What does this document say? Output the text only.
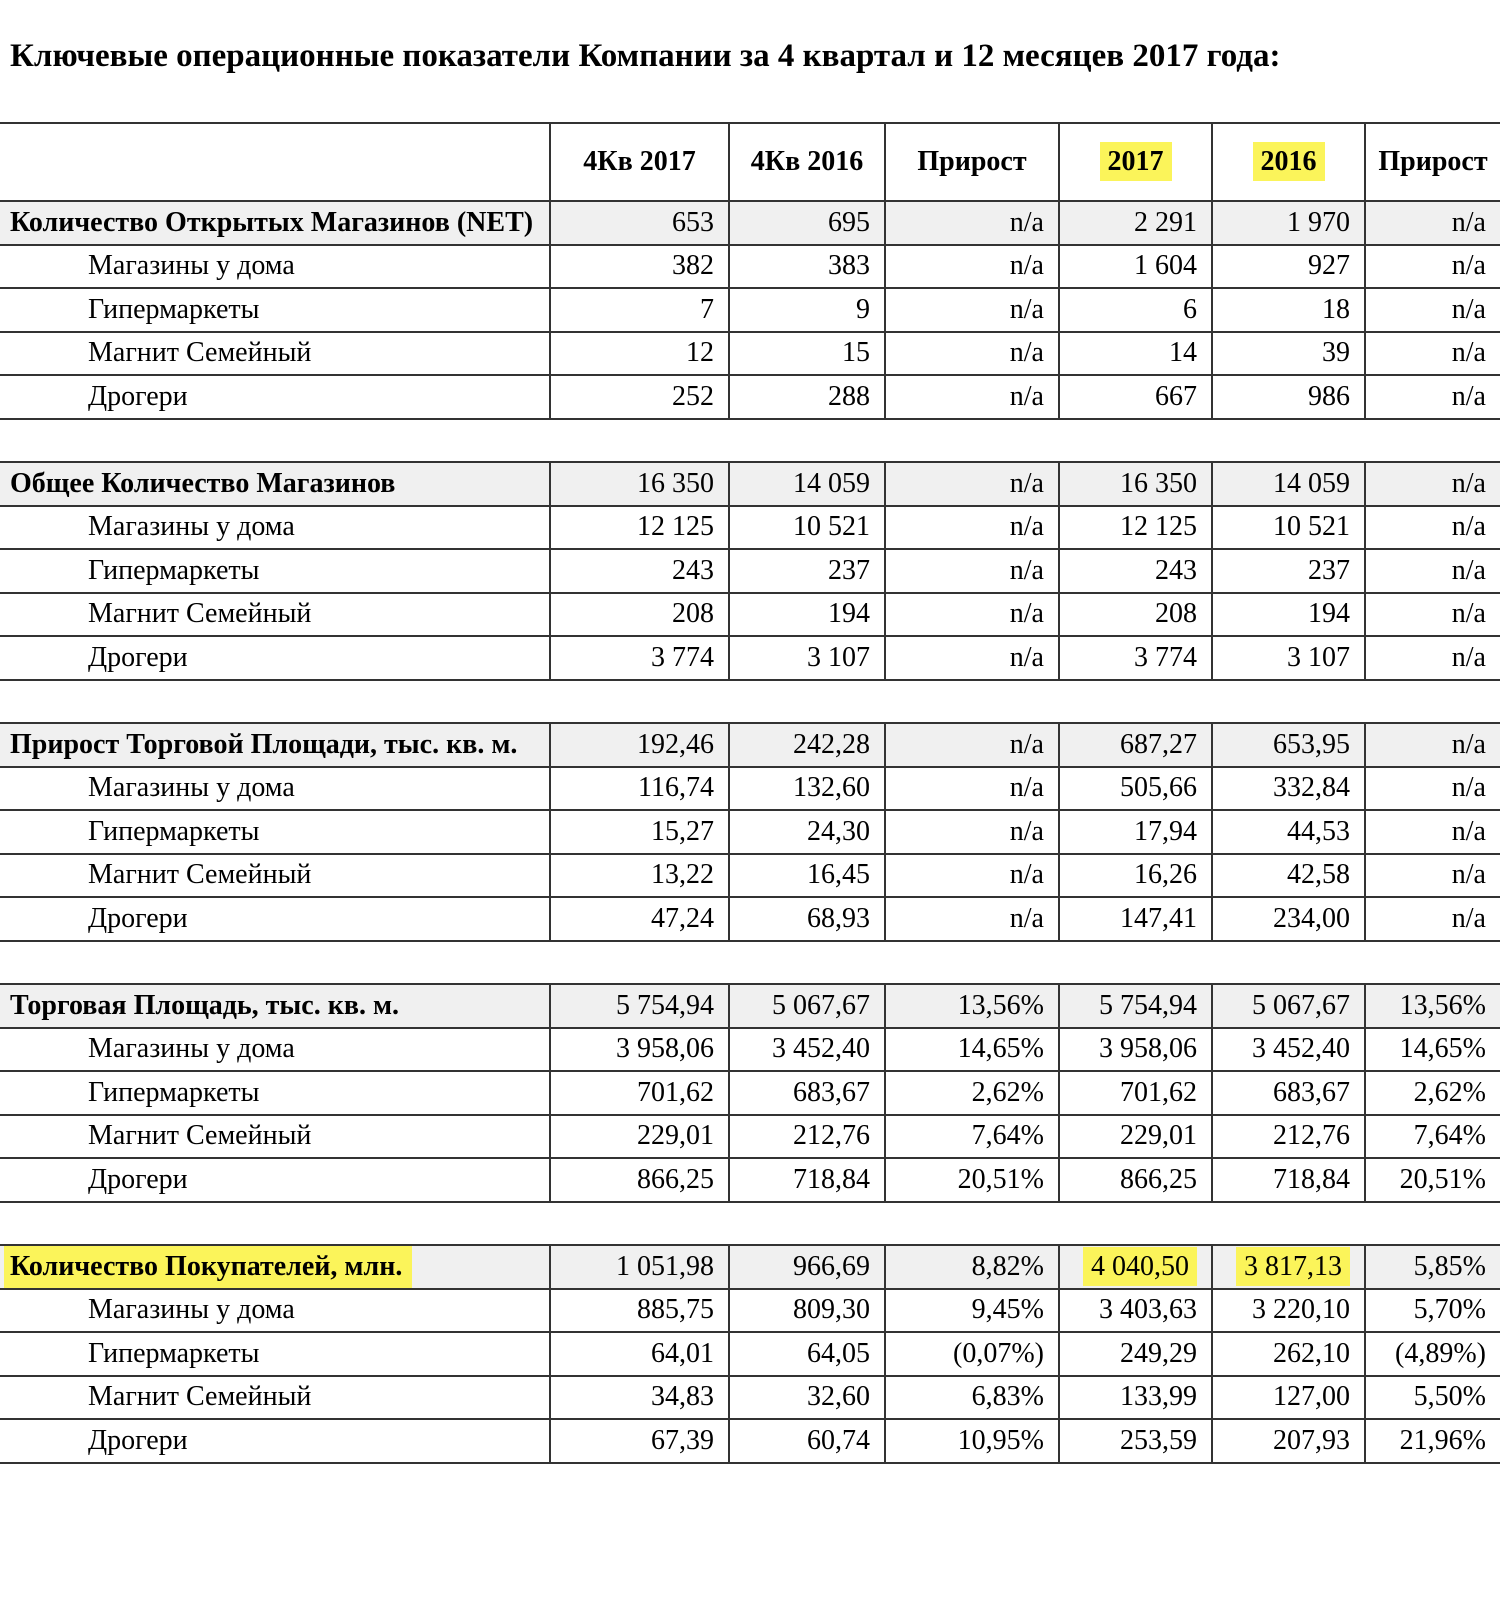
Ключевые операционные показатели Компании за 4 квартал и 12 месяцев 2017 года:
	4Кв 2017	4Кв 2016	Прирост	2017	2016	Прирост
Количество Открытых Магазинов (NET)	653	695	n/a	2 291	1 970	n/a
Магазины у дома	382	383	n/a	1 604	927	n/a
Гипермаркеты	7	9	n/a	6	18	n/a
Магнит Семейный	12	15	n/a	14	39	n/a
Дрогери	252	288	n/a	667	986	n/a

Общее Количество Магазинов	16 350	14 059	n/a	16 350	14 059	n/a
Магазины у дома	12 125	10 521	n/a	12 125	10 521	n/a
Гипермаркеты	243	237	n/a	243	237	n/a
Магнит Семейный	208	194	n/a	208	194	n/a
Дрогери	3 774	3 107	n/a	3 774	3 107	n/a

Прирост Торговой Площади, тыс. кв. м.	192,46	242,28	n/a	687,27	653,95	n/a
Магазины у дома	116,74	132,60	n/a	505,66	332,84	n/a
Гипермаркеты	15,27	24,30	n/a	17,94	44,53	n/a
Магнит Семейный	13,22	16,45	n/a	16,26	42,58	n/a
Дрогери	47,24	68,93	n/a	147,41	234,00	n/a

Торговая Площадь, тыс. кв. м.	5 754,94	5 067,67	13,56%	5 754,94	5 067,67	13,56%
Магазины у дома	3 958,06	3 452,40	14,65%	3 958,06	3 452,40	14,65%
Гипермаркеты	701,62	683,67	2,62%	701,62	683,67	2,62%
Магнит Семейный	229,01	212,76	7,64%	229,01	212,76	7,64%
Дрогери	866,25	718,84	20,51%	866,25	718,84	20,51%

Количество Покупателей, млн.	1 051,98	966,69	8,82%	4 040,50	3 817,13	5,85%
Магазины у дома	885,75	809,30	9,45%	3 403,63	3 220,10	5,70%
Гипермаркеты	64,01	64,05	(0,07%)	249,29	262,10	(4,89%)
Магнит Семейный	34,83	32,60	6,83%	133,99	127,00	5,50%
Дрогери	67,39	60,74	10,95%	253,59	207,93	21,96%
